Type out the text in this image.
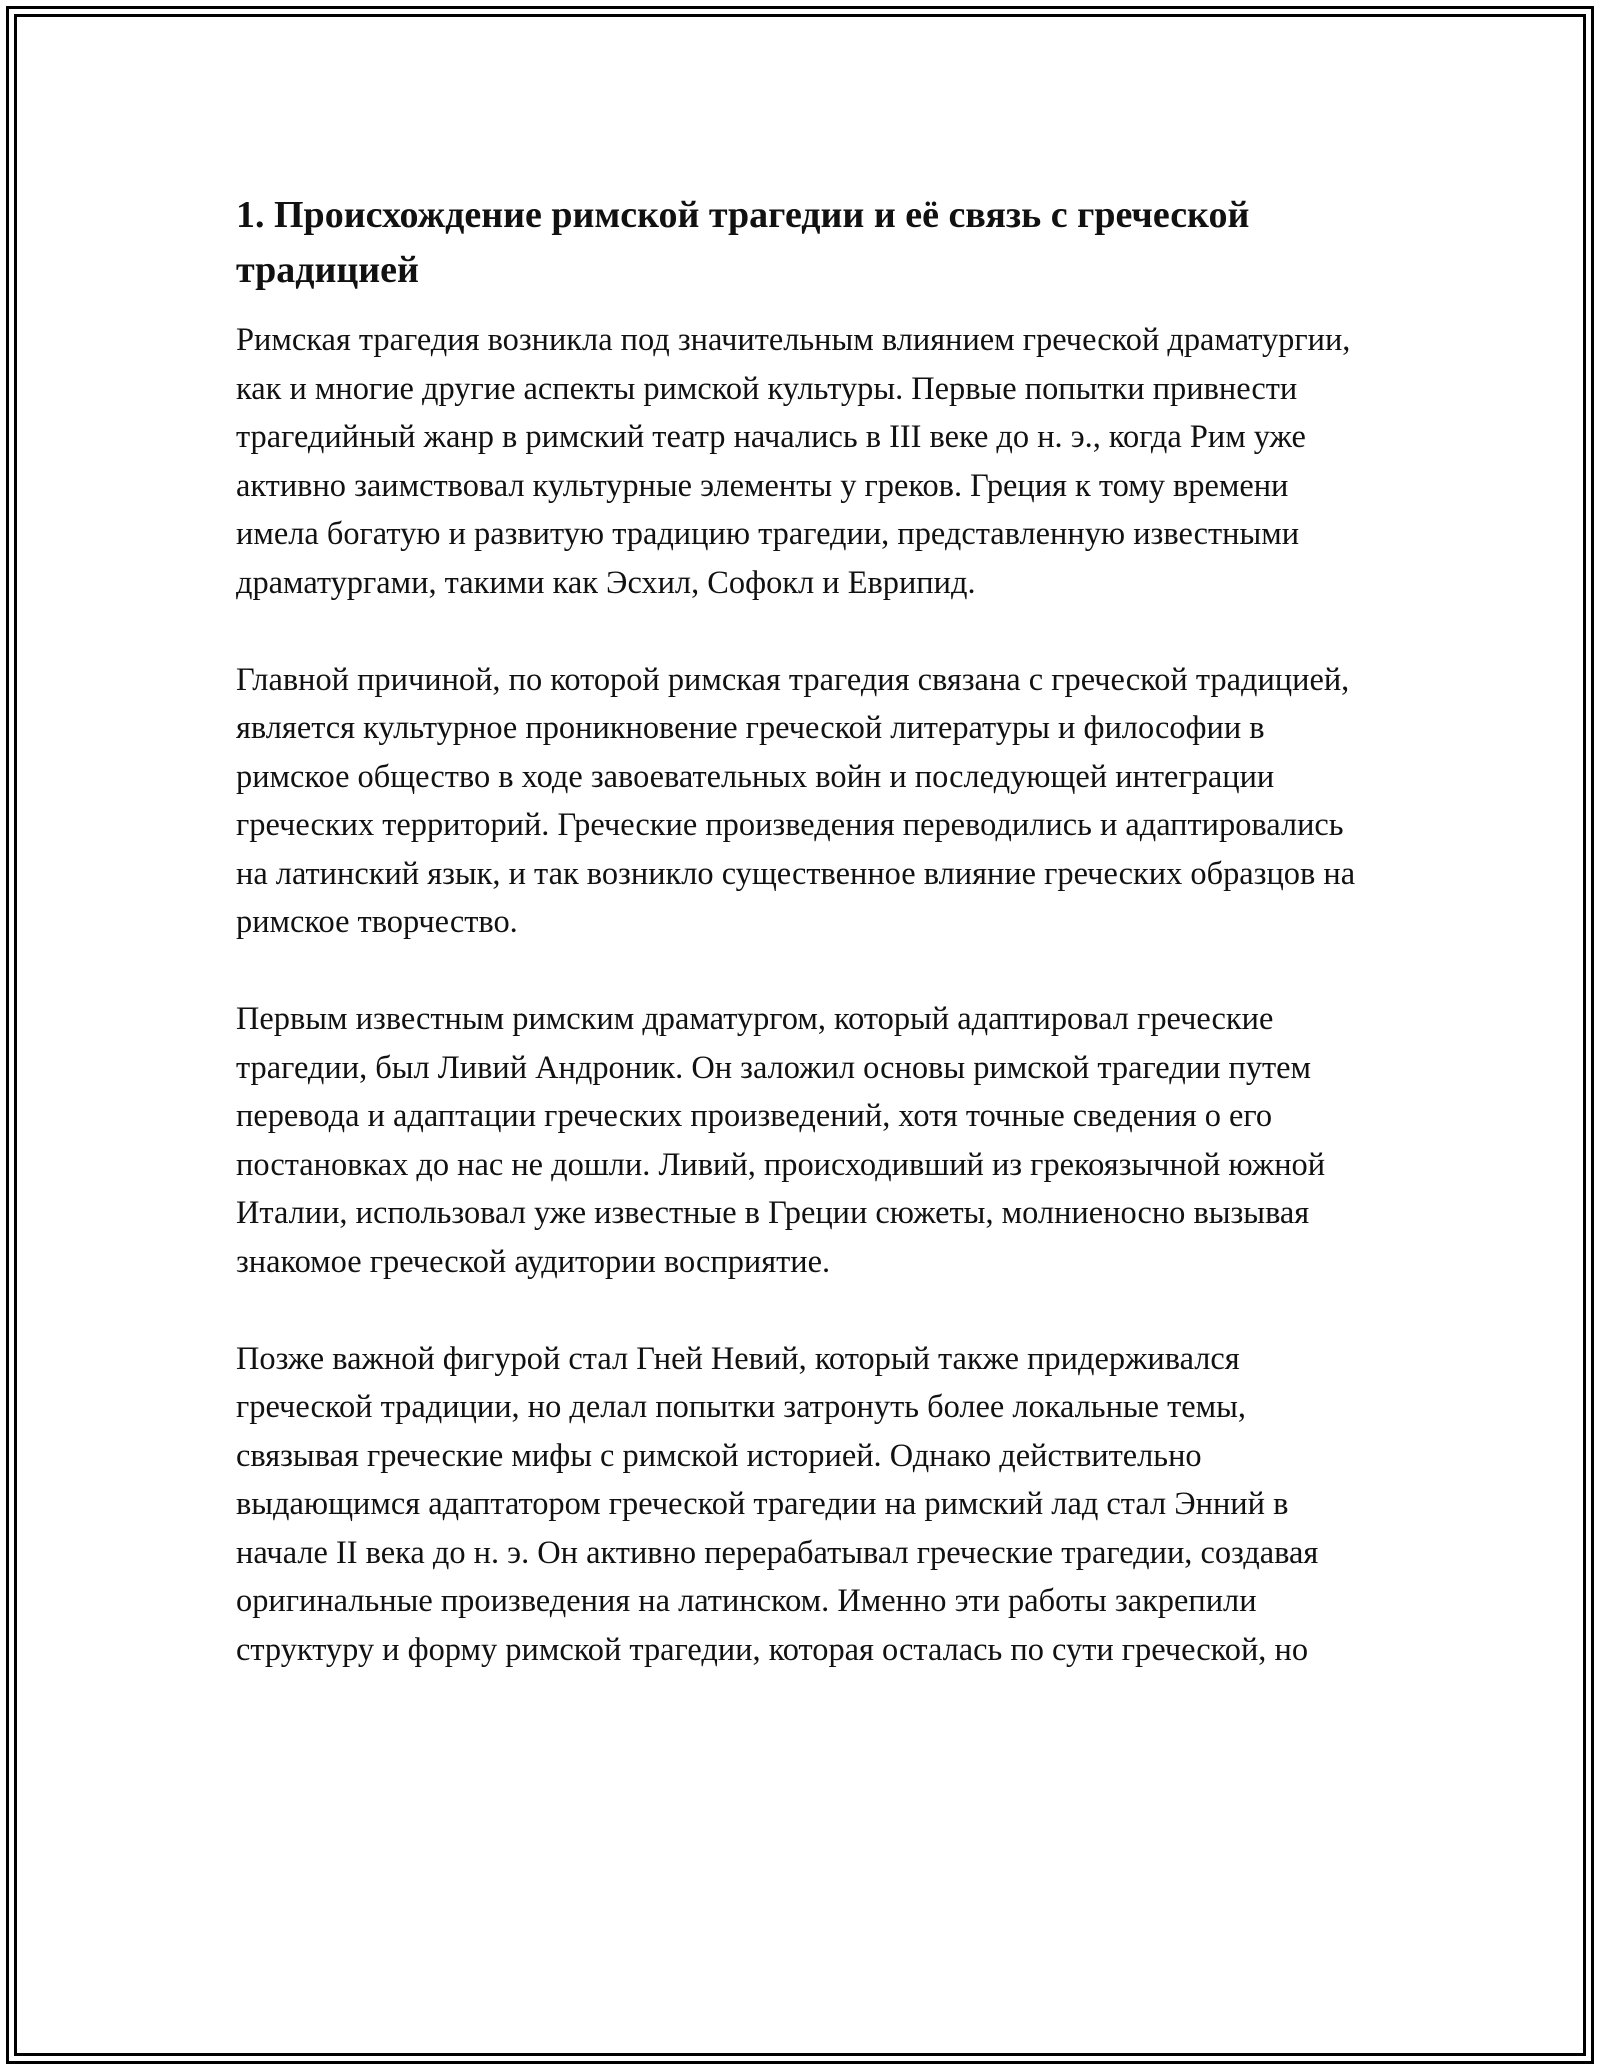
1. Происхождение римской трагедии и её связь с греческой традицией

Римская трагедия возникла под значительным влиянием греческой драматургии, как и многие другие аспекты римской культуры. Первые попытки привнести трагедийный жанр в римский театр начались в III веке до н. э., когда Рим уже активно заимствовал культурные элементы у греков. Греция к тому времени имела богатую и развитую традицию трагедии, представленную известными драматургами, такими как Эсхил, Софокл и Еврипид.

Главной причиной, по которой римская трагедия связана с греческой традицией, является культурное проникновение греческой литературы и философии в римское общество в ходе завоевательных войн и последующей интеграции греческих территорий. Греческие произведения переводились и адаптировались на латинский язык, и так возникло существенное влияние греческих образцов на римское творчество.

Первым известным римским драматургом, который адаптировал греческие трагедии, был Ливий Андроник. Он заложил основы римской трагедии путем перевода и адаптации греческих произведений, хотя точные сведения о его постановках до нас не дошли. Ливий, происходивший из грекоязычной южной Италии, использовал уже известные в Греции сюжеты, молниеносно вызывая знакомое греческой аудитории восприятие.

Позже важной фигурой стал Гней Невий, который также придерживался греческой традиции, но делал попытки затронуть более локальные темы, связывая греческие мифы с римской историей. Однако действительно выдающимся адаптатором греческой трагедии на римский лад стал Энний в начале II века до н. э. Он активно перерабатывал греческие трагедии, создавая оригинальные произведения на латинском. Именно эти работы закрепили структуру и форму римской трагедии, которая осталась по сути греческой, но
